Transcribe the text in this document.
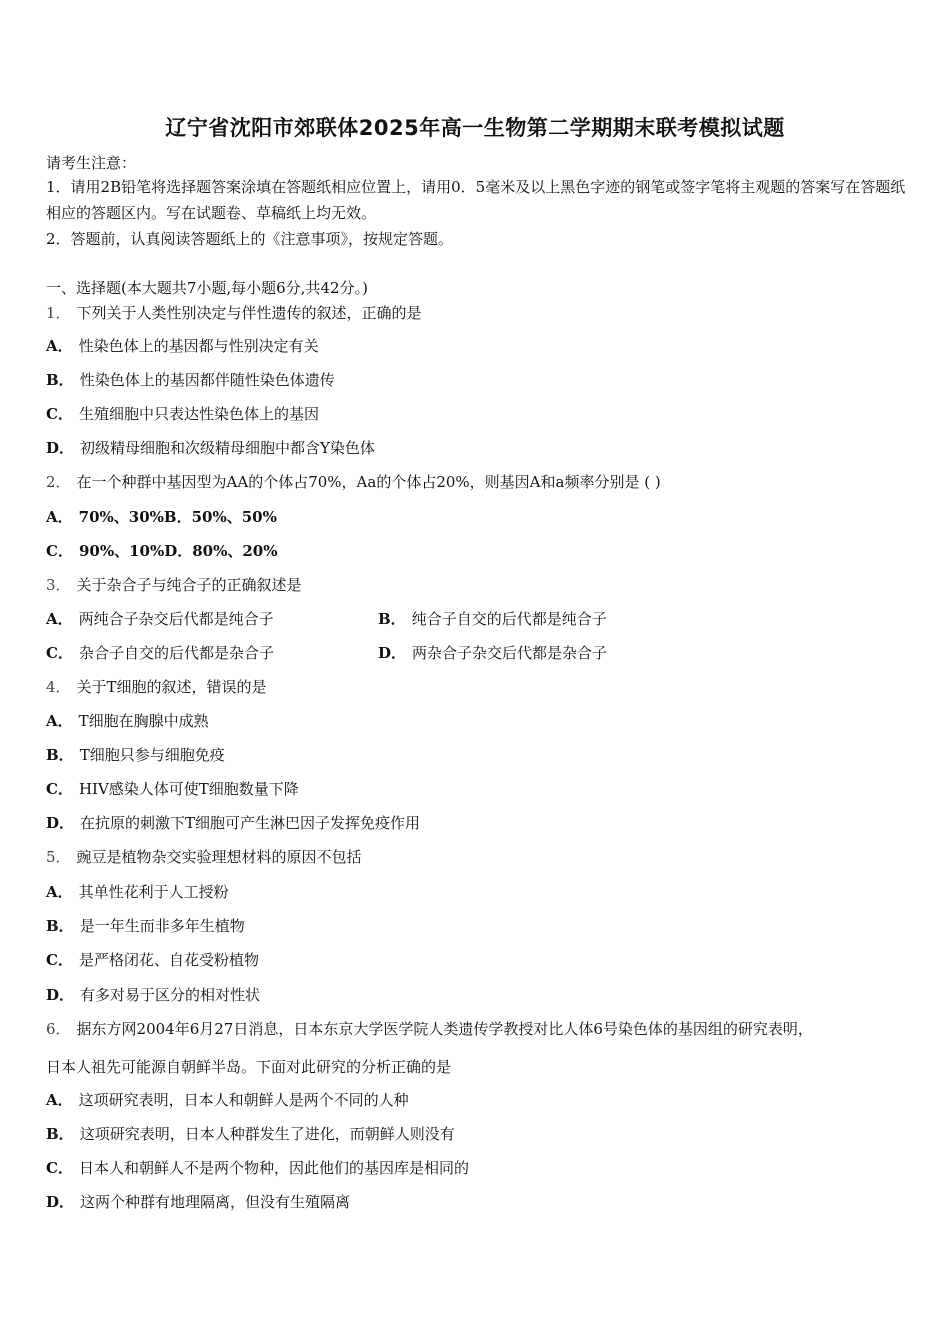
辽宁省沈阳市郊联体2025年高一生物第二学期期末联考模拟试题
请考生注意：
1．请用2B铅笔将选择题答案涂填在答题纸相应位置上，请用0．5毫米及以上黑色字迹的钢笔或签字笔将主观题的答案写在答题纸相应的答题区内。写在试题卷、草稿纸上均无效。
2．答题前，认真阅读答题纸上的《注意事项》，按规定答题。
一、选择题(本大题共7小题,每小题6分,共42分。)
1． 下列关于人类性别决定与伴性遗传的叙述，正确的是
A． 性染色体上的基因都与性别决定有关
B． 性染色体上的基因都伴随性染色体遗传
C． 生殖细胞中只表达性染色体上的基因
D． 初级精母细胞和次级精母细胞中都含Y染色体
2． 在一个种群中基因型为AA的个体占70%，Aa的个体占20%，则基因A和a频率分别是 ( )
A． 70%、30%B．50%、50%
C． 90%、10%D．80%、20%
3． 关于杂合子与纯合子的正确叙述是
A． 两纯合子杂交后代都是纯合子	B． 纯合子自交的后代都是纯合子
C． 杂合子自交的后代都是杂合子	D． 两杂合子杂交后代都是杂合子
4． 关于T细胞的叙述，错误的是
A． T细胞在胸腺中成熟
B． T细胞只参与细胞免疫
C． HIV感染人体可使T细胞数量下降
D． 在抗原的刺激下T细胞可产生淋巴因子发挥免疫作用
5． 豌豆是植物杂交实验理想材料的原因不包括
A． 其单性花利于人工授粉
B． 是一年生而非多年生植物
C． 是严格闭花、自花受粉植物
D． 有多对易于区分的相对性状
6． 据东方网2004年6月27日消息，日本东京大学医学院人类遗传学教授对比人体6号染色体的基因组的研究表明，
日本人祖先可能源自朝鲜半岛。下面对此研究的分析正确的是
A． 这项研究表明，日本人和朝鲜人是两个不同的人种
B． 这项研究表明，日本人种群发生了进化，而朝鲜人则没有
C． 日本人和朝鲜人不是两个物种，因此他们的基因库是相同的
D． 这两个种群有地理隔离，但没有生殖隔离
